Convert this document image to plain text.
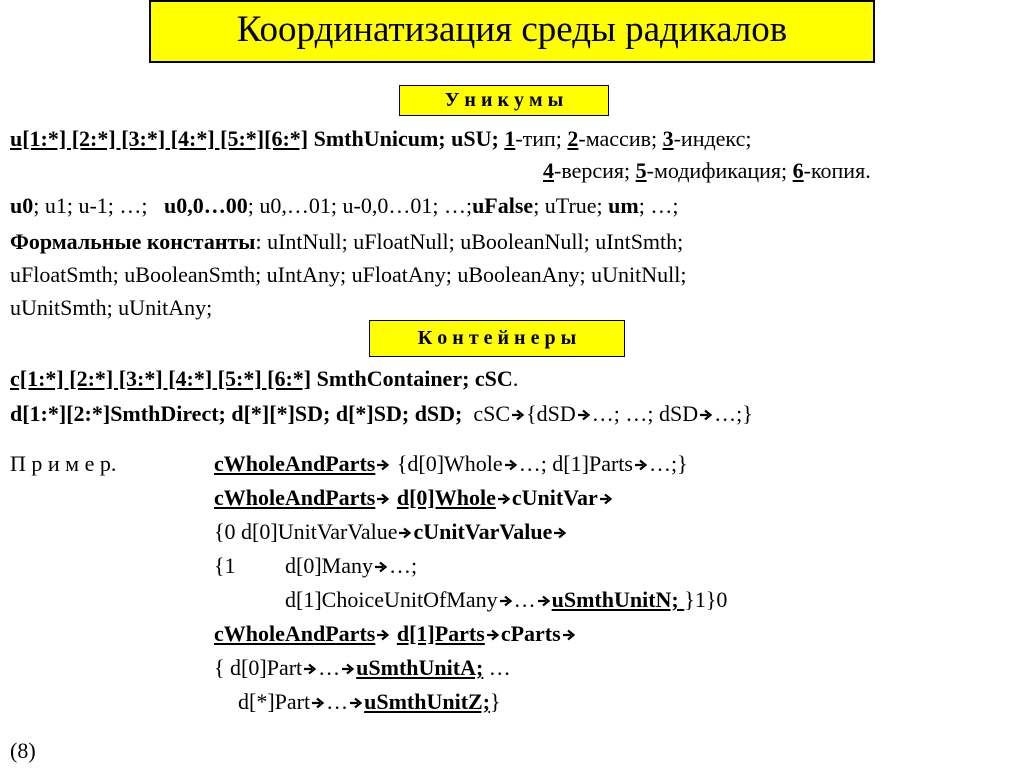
Координатизация среды радикалов
У н и к у м ы
u[1:*] [2:*] [3:*] [4:*] [5:*][6:*] SmthUnicum; uSU; 1-тип; 2-массив; 3-индекс;
4-версия; 5-модификация; 6-копия.
u0; u1; u-1; …;   u0,0…00; u0,…01; u-0,0…01; …;uFalse; uTrue; um; …;
Формальные константы: uIntNull; uFloatNull; uBooleanNull; uIntSmth;
uFloatSmth; uBooleanSmth; uIntAny; uFloatAny; uBooleanAny; uUnitNull;
uUnitSmth; uUnitAny;
К о н т е й н е р ы
c[1:*] [2:*] [3:*] [4:*] [5:*] [6:*] SmthContainer; cSC.
d[1:*][2:*]SmthDirect; d[*][*]SD; d[*]SD; dSD;  cSC {dSD …; …; dSD …;}
П р и м е р.	cWholeAndParts {d[0]Whole …; d[1]Parts …;}
cWholeAndParts d[0]Whole cUnitVar
{0 d[0]UnitVarValue cUnitVarValue
{1 d[0]Many …;
d[1]ChoiceUnitOfMany … uSmthUnitN; }1}0
cWholeAndParts d[1]Parts cParts
{ d[0]Part … uSmthUnitA; …
d[*]Part … uSmthUnitZ;}
(8)
